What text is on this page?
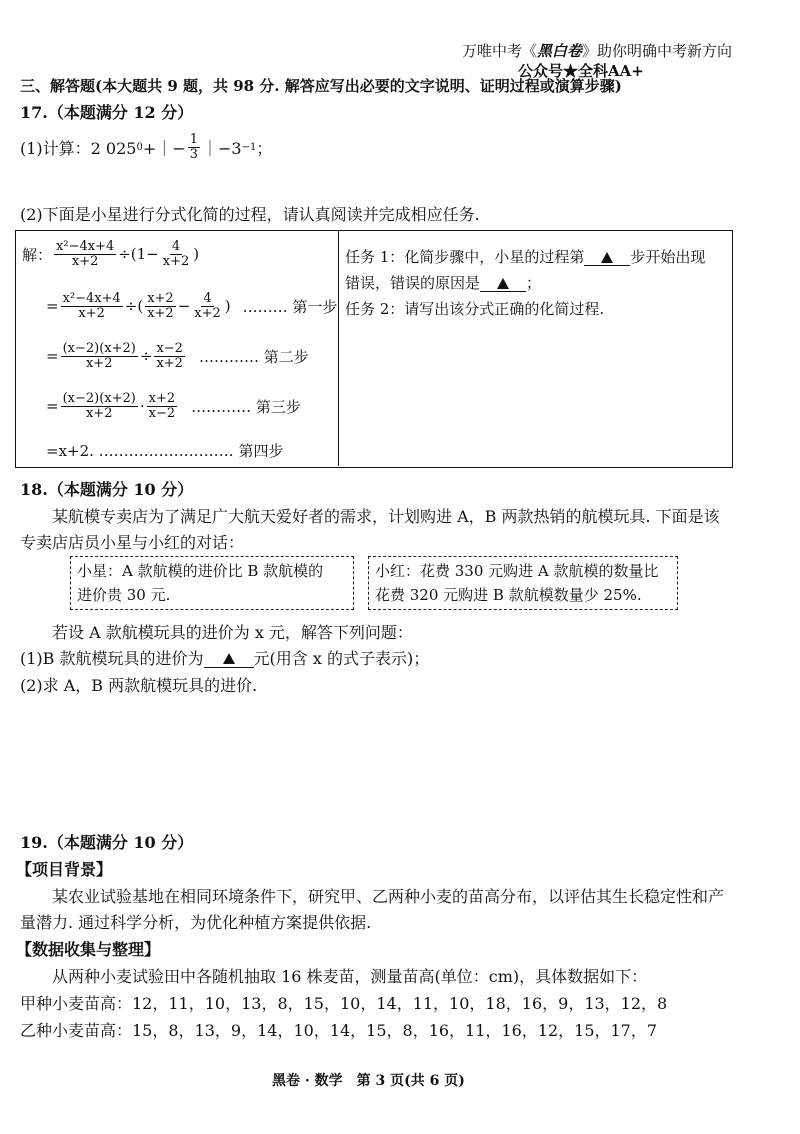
万唯中考《黑白卷》助你明确中考新方向
公众号★全科AA+
三、解答题(本大题共 9 题，共 98 分. 解答应写出必要的文字说明、证明过程或演算步骤)
17.（本题满分 12 分）
(1)计算：2 025 0 +｜− $\frac{1}{3}$ ｜−3 −1 ；
(2)下面是小星进行分式化简的过程，请认真阅读并完成相应任务.
解： $\frac{\text{x²−4x+4}}{x+2} \div(1- \frac{4}{x+2}$ )
= $\frac{\text{x²−4x+4}}{x+2}$ ÷( $\frac{x+2}{x+2} - \frac{4}{x+2}$ ) ……… 第一步
= $\frac{(x-2)(x+2)}{x+2} \div \frac{x-2}{x+2}$ ………… 第二步
= $\frac{(x-2)(x+2)}{x+2} \cdot \frac{x+2}{x-2}$ ………… 第三步
=x+2. ……………………… 第四步
任务 1：化简步骤中，小星的过程第	步开始出现
错误，错误的原因是	；
任务 2：请写出该分式正确的化简过程.
18.（本题满分 10 分）
某航模专卖店为了满足广大航天爱好者的需求，计划购进 A，B 两款热销的航模玩具. 下面是该
专卖店店员小星与小红的对话：
小星：A 款航模的进价比 B 款航模的
进价贵 30 元.
小红：花费 330 元购进 A 款航模的数量比
花费 320 元购进 B 款航模数量少 25%.
若设 A 款航模玩具的进价为 x 元，解答下列问题：
(1)B 款航模玩具的进价为	元(用含 x 的式子表示)；
(2)求 A，B 两款航模玩具的进价.
19.（本题满分 10 分）
【项目背景】
某农业试验基地在相同环境条件下，研究甲、乙两种小麦的苗高分布，以评估其生长稳定性和产
量潜力. 通过科学分析，为优化种植方案提供依据.
【数据收集与整理】
从两种小麦试验田中各随机抽取 16 株麦苗，测量苗高(单位：cm)，具体数据如下：
甲种小麦苗高：12，11，10，13，8，15，10，14，11，10，18，16，9，13，12，8
乙种小麦苗高：15，8，13，9，14，10，14，15，8，16，11，16，12，15，17，7
黑卷 · 数学　第 3 页(共 6 页)
